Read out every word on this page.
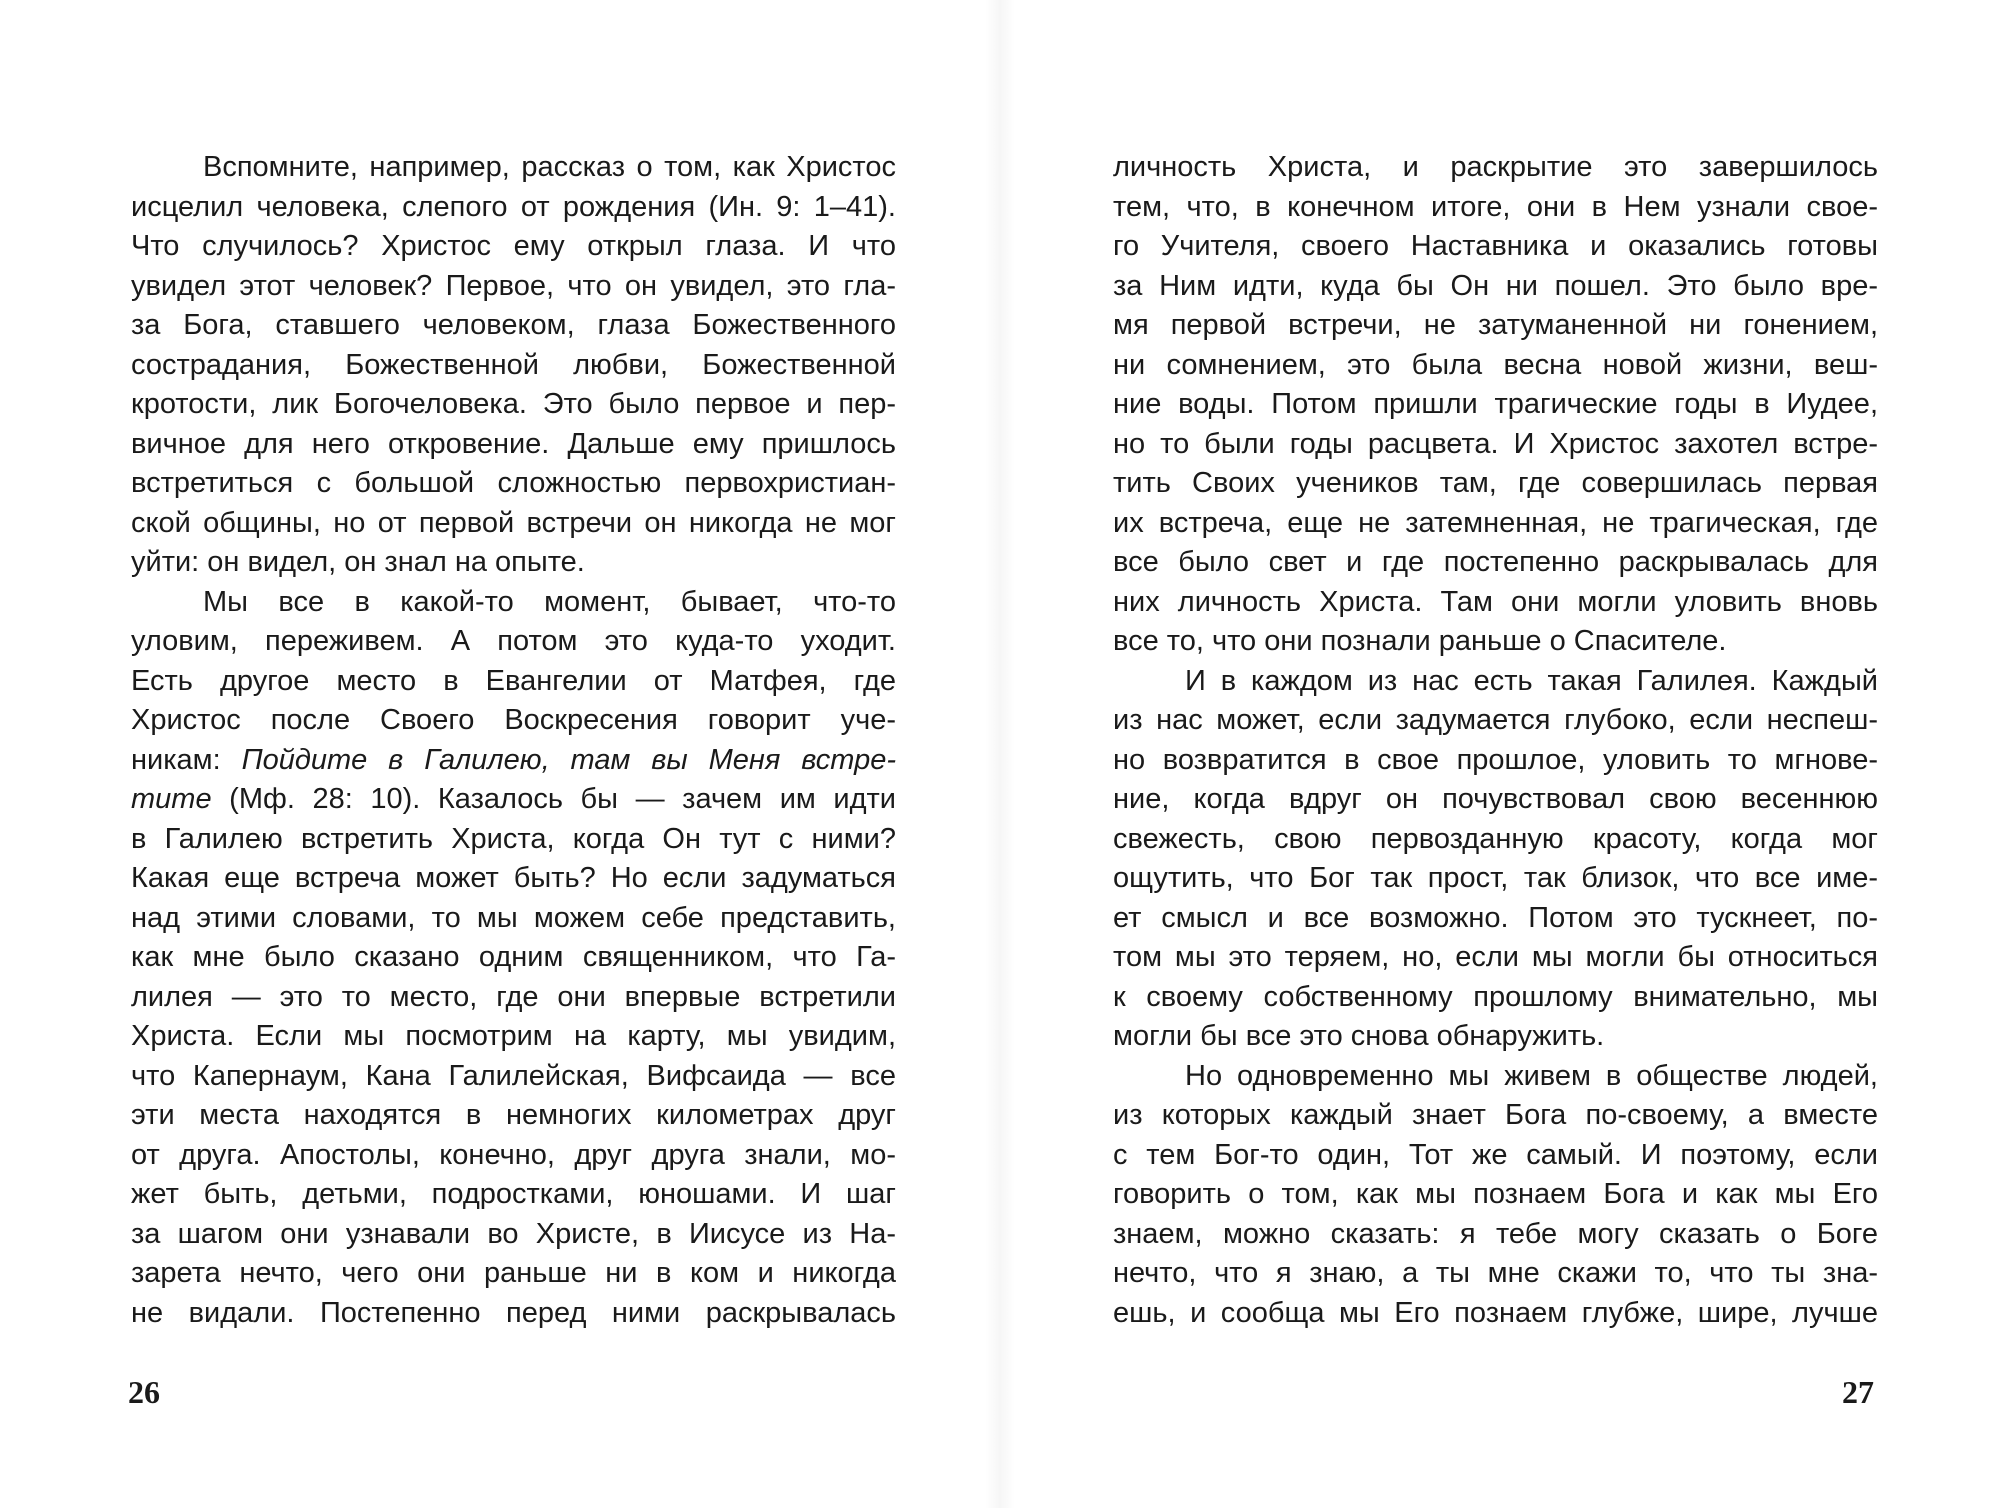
Вспомните, например, рассказ о том, как Христос
исцелил человека, слепого от рождения (Ин. 9: 1–41).
Что случилось? Христос ему открыл глаза. И что
увидел этот человек? Первое, что он увидел, это гла-
за Бога, ставшего человеком, глаза Божественного
сострадания, Божественной любви, Божественной
кротости, лик Богочеловека. Это было первое и пер-
вичное для него откровение. Дальше ему пришлось
встретиться с большой сложностью первохристиан-
ской общины, но от первой встречи он никогда не мог
уйти: он видел, он знал на опыте.
Мы все в какой-то момент, бывает, что-то
уловим, переживем. А потом это куда-то уходит.
Есть другое место в Евангелии от Матфея, где
Христос после Своего Воскресения говорит уче-
никам: Пойдите в Галилею, там вы Меня встре-
тите (Мф. 28: 10). Казалось бы — зачем им идти
в Галилею встретить Христа, когда Он тут с ними?
Какая еще встреча может быть? Но если задуматься
над этими словами, то мы можем себе представить,
как мне было сказано одним священником, что Га-
лилея — это то место, где они впервые встретили
Христа. Если мы посмотрим на карту, мы увидим,
что Капернаум, Кана Галилейская, Вифсаида — все
эти места находятся в немногих километрах друг
от друга. Апостолы, конечно, друг друга знали, мо-
жет быть, детьми, подростками, юношами. И шаг
за шагом они узнавали во Христе, в Иисусе из На-
зарета нечто, чего они раньше ни в ком и никогда
не видали. Постепенно перед ними раскрывалась
26
личность Христа, и раскрытие это завершилось
тем, что, в конечном итоге, они в Нем узнали свое-
го Учителя, своего Наставника и оказались готовы
за Ним идти, куда бы Он ни пошел. Это было вре-
мя первой встречи, не затуманенной ни гонением,
ни сомнением, это была весна новой жизни, веш-
ние воды. Потом пришли трагические годы в Иудее,
но то были годы расцвета. И Христос захотел встре-
тить Своих учеников там, где совершилась первая
их встреча, еще не затемненная, не трагическая, где
все было свет и где постепенно раскрывалась для
них личность Христа. Там они могли уловить вновь
все то, что они познали раньше о Спасителе.
И в каждом из нас есть такая Галилея. Каждый
из нас может, если задумается глубоко, если неспеш-
но возвратится в свое прошлое, уловить то мгнове-
ние, когда вдруг он почувствовал свою весеннюю
свежесть, свою первозданную красоту, когда мог
ощутить, что Бог так прост, так близок, что все име-
ет смысл и все возможно. Потом это тускнеет, по-
том мы это теряем, но, если мы могли бы относиться
к своему собственному прошлому внимательно, мы
могли бы все это снова обнаружить.
Но одновременно мы живем в обществе людей,
из которых каждый знает Бога по-своему, а вместе
с тем Бог-то один, Тот же самый. И поэтому, если
говорить о том, как мы познаем Бога и как мы Его
знаем, можно сказать: я тебе могу сказать о Боге
нечто, что я знаю, а ты мне скажи то, что ты зна-
ешь, и сообща мы Его познаем глубже, шире, лучше
27
